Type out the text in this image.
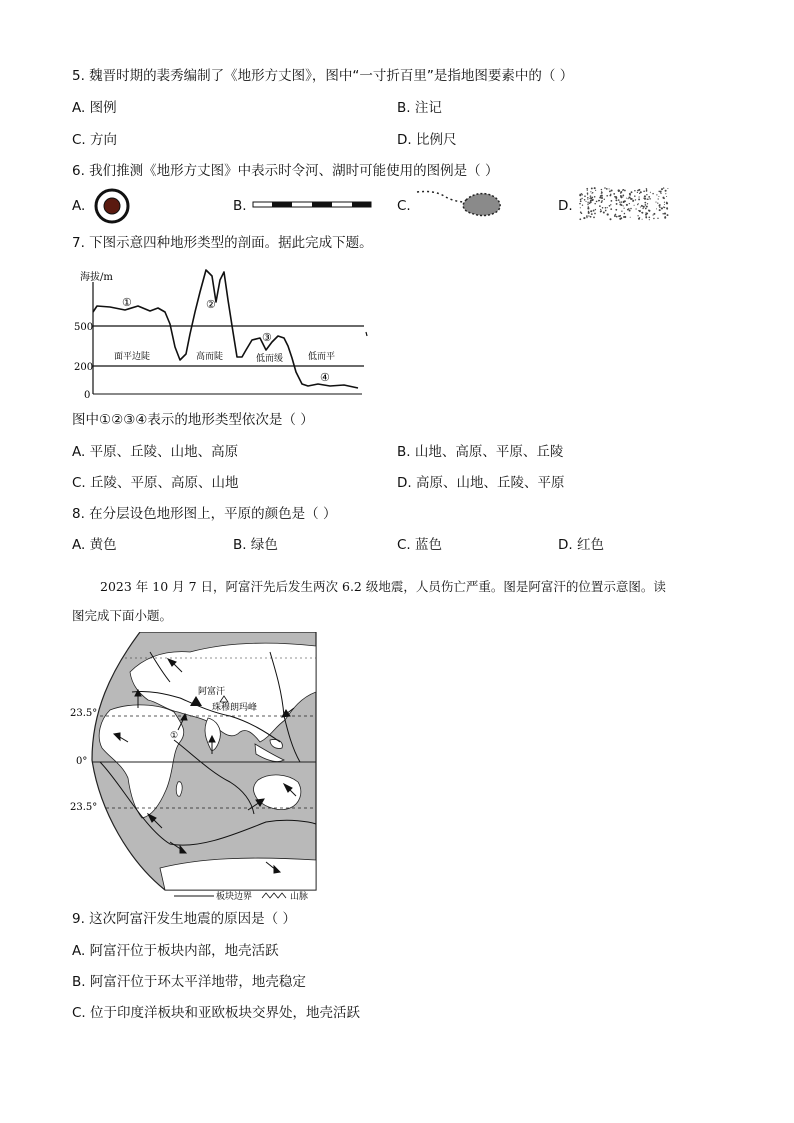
5. 魏晋时期的裴秀编制了《地形方丈图》，图中“一寸折百里”是指地图要素中的（ ）
A. 图例	B. 注记
C. 方向	D. 比例尺
6. 我们推测《地形方丈图》中表示时令河、湖时可能使用的图例是（ ）
A.	B.	C.	D.
7. 下图示意四种地形类型的剖面。据此完成下题。
海拔/m
500
200
0
①	②
③
④
面平边陡	高而陡	低而缓	低而平
图中①②③④表示的地形类型依次是（ ）
A. 平原、丘陵、山地、高原	B. 山地、高原、平原、丘陵
C. 丘陵、平原、高原、山地	D. 高原、山地、丘陵、平原
8. 在分层设色地形图上，平原的颜色是（ ）
A. 黄色	B. 绿色	C. 蓝色	D. 红色
2023 年 10 月 7 日，阿富汗先后发生两次 6.2 级地震，人员伤亡严重。图是阿富汗的位置示意图。读
图完成下面小题。
阿富汗
珠穆朗玛峰
①
23.5°
0°
23.5°
板块边界	山脉
9. 这次阿富汗发生地震的原因是（ ）
A. 阿富汗位于板块内部，地壳活跃
B. 阿富汗位于环太平洋地带，地壳稳定
C. 位于印度洋板块和亚欧板块交界处，地壳活跃
